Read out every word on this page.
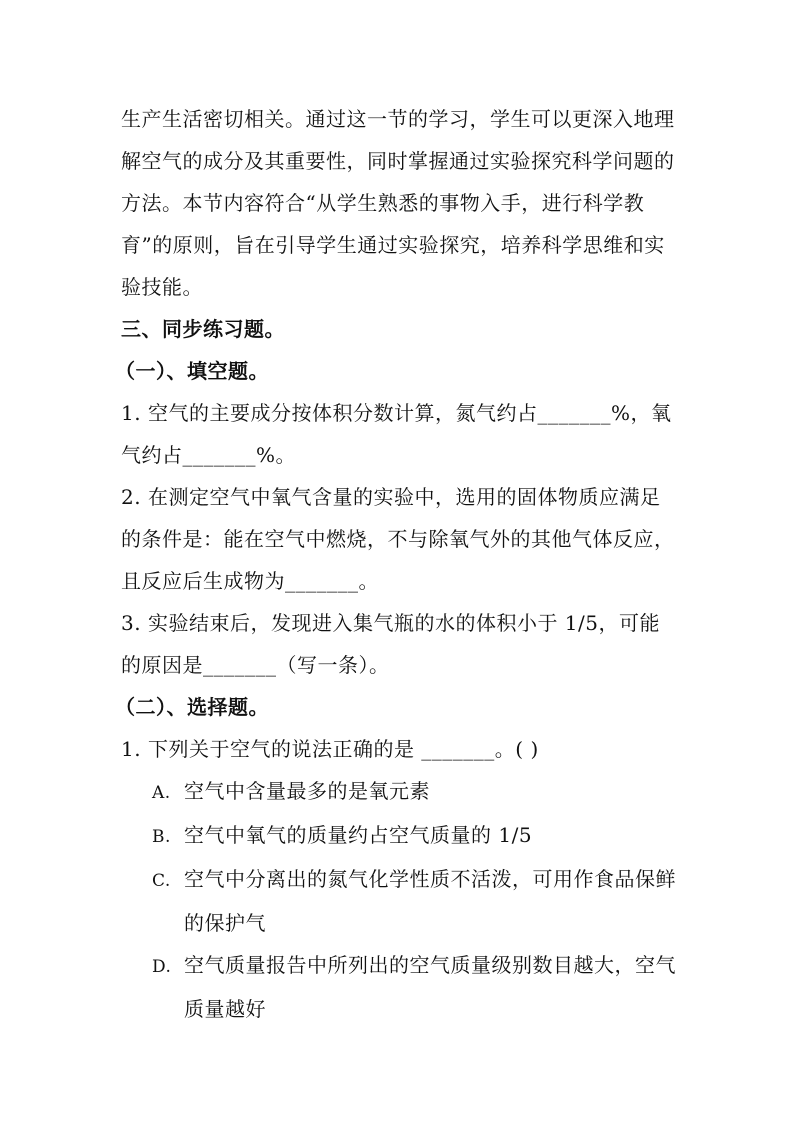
生产生活密切相关。通过这一节的学习，学生可以更深入地理解空气的成分及其重要性，同时掌握通过实验探究科学问题的方法。本节内容符合“从学生熟悉的事物入手，进行科学教育”的原则，旨在引导学生通过实验探究，培养科学思维和实验技能。

三、同步练习题。

（一）、填空题。

1. 空气的主要成分按体积分数计算，氮气约占_______%，氧气约占_______%。

2. 在测定空气中氧气含量的实验中，选用的固体物质应满足的条件是：能在空气中燃烧，不与除氧气外的其他气体反应，且反应后生成物为_______。

3. 实验结束后，发现进入集气瓶的水的体积小于 1/5，可能的原因是_______（写一条）。

（二）、选择题。

1. 下列关于空气的说法正确的是 _______。( )

A. 空气中含量最多的是氧元素

B. 空气中氧气的质量约占空气质量的 1/5

C. 空气中分离出的氮气化学性质不活泼，可用作食品保鲜的保护气

D. 空气质量报告中所列出的空气质量级别数目越大，空气质量越好
